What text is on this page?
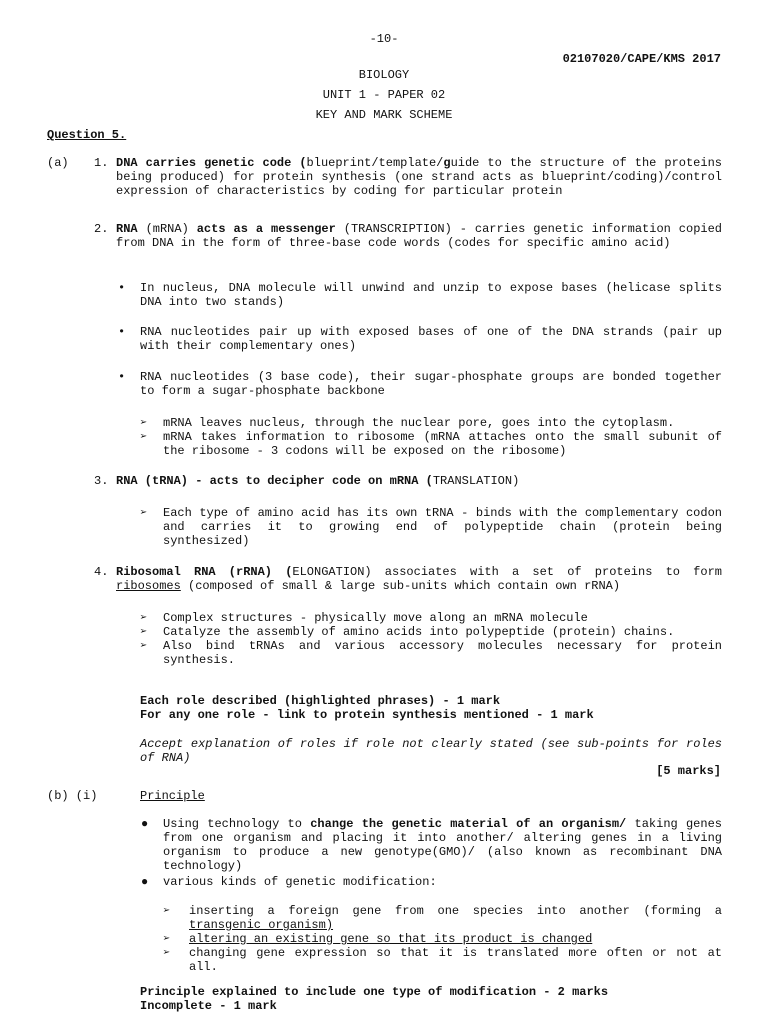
-10-
02107020/CAPE/KMS 2017
BIOLOGY
UNIT 1 - PAPER 02
KEY AND MARK SCHEME
Question 5.
(a) 1. DNA carries genetic code (blueprint/template/guide to the structure of the proteins being produced) for protein synthesis (one strand acts as blueprint/coding)/control expression of characteristics by coding for particular protein
2. RNA (mRNA) acts as a messenger (TRANSCRIPTION) - carries genetic information copied from DNA in the form of three-base code words (codes for specific amino acid)
• In nucleus, DNA molecule will unwind and unzip to expose bases (helicase splits DNA into two stands)
• RNA nucleotides pair up with exposed bases of one of the DNA strands (pair up with their complementary ones)
• RNA nucleotides (3 base code), their sugar-phosphate groups are bonded together to form a sugar-phosphate backbone
➢ mRNA leaves nucleus, through the nuclear pore, goes into the cytoplasm.
➢ mRNA takes information to ribosome (mRNA attaches onto the small subunit of the ribosome - 3 codons will be exposed on the ribosome)
3. RNA (tRNA) - acts to decipher code on mRNA (TRANSLATION)
➢ Each type of amino acid has its own tRNA - binds with the complementary codon and carries it to growing end of polypeptide chain (protein being synthesized)
4. Ribosomal RNA (rRNA) (ELONGATION) associates with a set of proteins to form ribosomes (composed of small & large sub-units which contain own rRNA)
➢ Complex structures - physically move along an mRNA molecule
➢ Catalyze the assembly of amino acids into polypeptide (protein) chains.
➢ Also bind tRNAs and various accessory molecules necessary for protein synthesis.
Each role described (highlighted phrases) - 1 mark
For any one role - link to protein synthesis mentioned - 1 mark
Accept explanation of roles if role not clearly stated (see sub-points for roles of RNA)
[5 marks]
(b) (i)	Principle
● Using technology to change the genetic material of an organism/ taking genes from one organism and placing it into another/ altering genes in a living organism to produce a new genotype(GMO)/ (also known as recombinant DNA technology)
● various kinds of genetic modification:
➢ inserting a foreign gene from one species into another (forming a transgenic organism)
➢ altering an existing gene so that its product is changed
➢ changing gene expression so that it is translated more often or not at all.
Principle explained to include one type of modification - 2 marks
Incomplete - 1 mark
